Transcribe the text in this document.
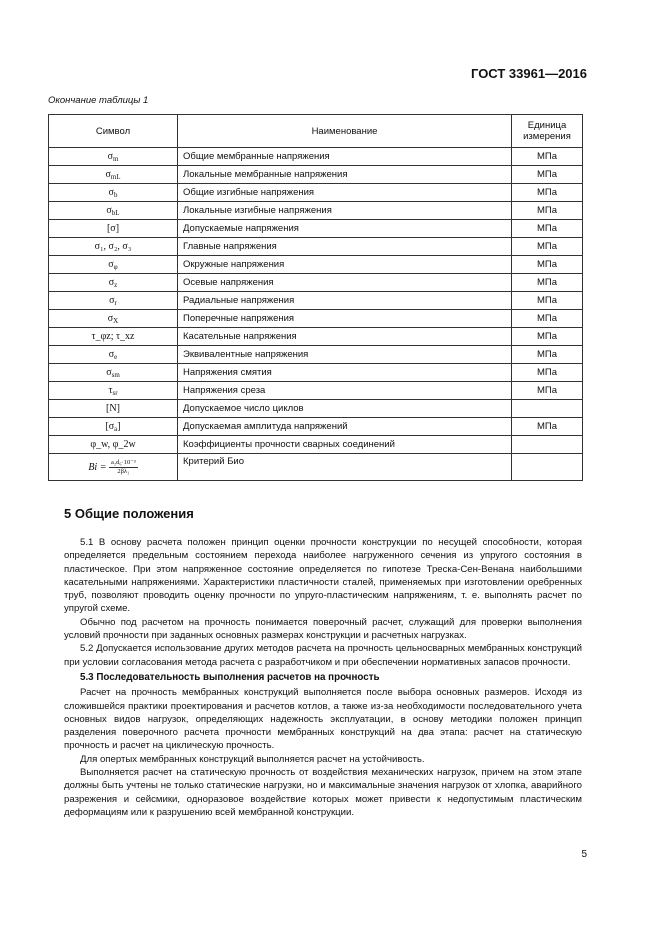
ГОСТ 33961—2016
Окончание таблицы 1
Символ	Наименование	Единица измерения
$\sigma_m$	Общие мембранные напряжения	МПа
$\sigma_{mL}$	Локальные мембранные напряжения	МПа
$\sigma_b$	Общие изгибные напряжения	МПа
$\sigma_{bL}$	Локальные изгибные напряжения	МПа
[σ]	Допускаемые напряжения	МПа
σ₁, σ₂, σ₃	Главные напряжения	МПа
$\sigma_\varphi$	Окружные напряжения	МПа
$\sigma_z$	Осевые напряжения	МПа
$\sigma_r$	Радиальные напряжения	МПа
$\sigma_X$	Поперечные напряжения	МПа
τ_φz; τ_xz	Касательные напряжения	МПа
$\sigma_e$	Эквивалентные напряжения	МПа
$\sigma_{sm}$	Напряжения смятия	МПа
$\tau_{sr}$	Напряжения среза	МПа
[N]	Допускаемое число циклов	
$[\sigma_a]$	Допускаемая амплитуда напряжений	МПа
φ_w, φ_2w	Коэффициенты прочности сварных соединений	
$Bi = \frac{\text{a₂d₆·10⁻³}}{\text{2βλ₁}}$	Критерий Био	
5 Общие положения

5.1 В основу расчета положен принцип оценки прочности конструкции по несущей способности, которая определяется предельным состоянием перехода наиболее нагруженного сечения из упругого состояния в пластическое. При этом напряженное состояние определяется по гипотезе Треска-Сен-Венана наибольшими касательными напряжениями. Характеристики пластичности сталей, применяемых при изготовлении оребренных труб, позволяют проводить оценку прочности по упруго-пластическим напряжениям, т. е. выполнять расчет по упругой схеме.

Обычно под расчетом на прочность понимается поверочный расчет, служащий для проверки выполнения условий прочности при заданных основных размерах конструкции и расчетных нагрузках.

5.2 Допускается использование других методов расчета на прочность цельносварных мембранных конструкций при условии согласования метода расчета с разработчиком и при обеспечении нормативных запасов прочности.

5.3 Последовательность выполнения расчетов на прочность

Расчет на прочность мембранных конструкций выполняется после выбора основных размеров. Исходя из сложившейся практики проектирования и расчетов котлов, а также из-за необходимости последовательного учета основных видов нагрузок, определяющих надежность эксплуатации, в основу методики положен принцип разделения поверочного расчета прочности мембранных конструкций на два этапа: расчет на статическую прочность и расчет на циклическую прочность.

Для опертых мембранных конструкций выполняется расчет на устойчивость.

Выполняется расчет на статическую прочность от воздействия механических нагрузок, причем на этом этапе должны быть учтены не только статические нагрузки, но и максимальные значения нагрузок от хлопка, аварийного разрежения и сейсмики, одноразовое воздействие которых может привести к недопустимым пластическим деформациям или к разрушению всей мембранной конструкции.

5
